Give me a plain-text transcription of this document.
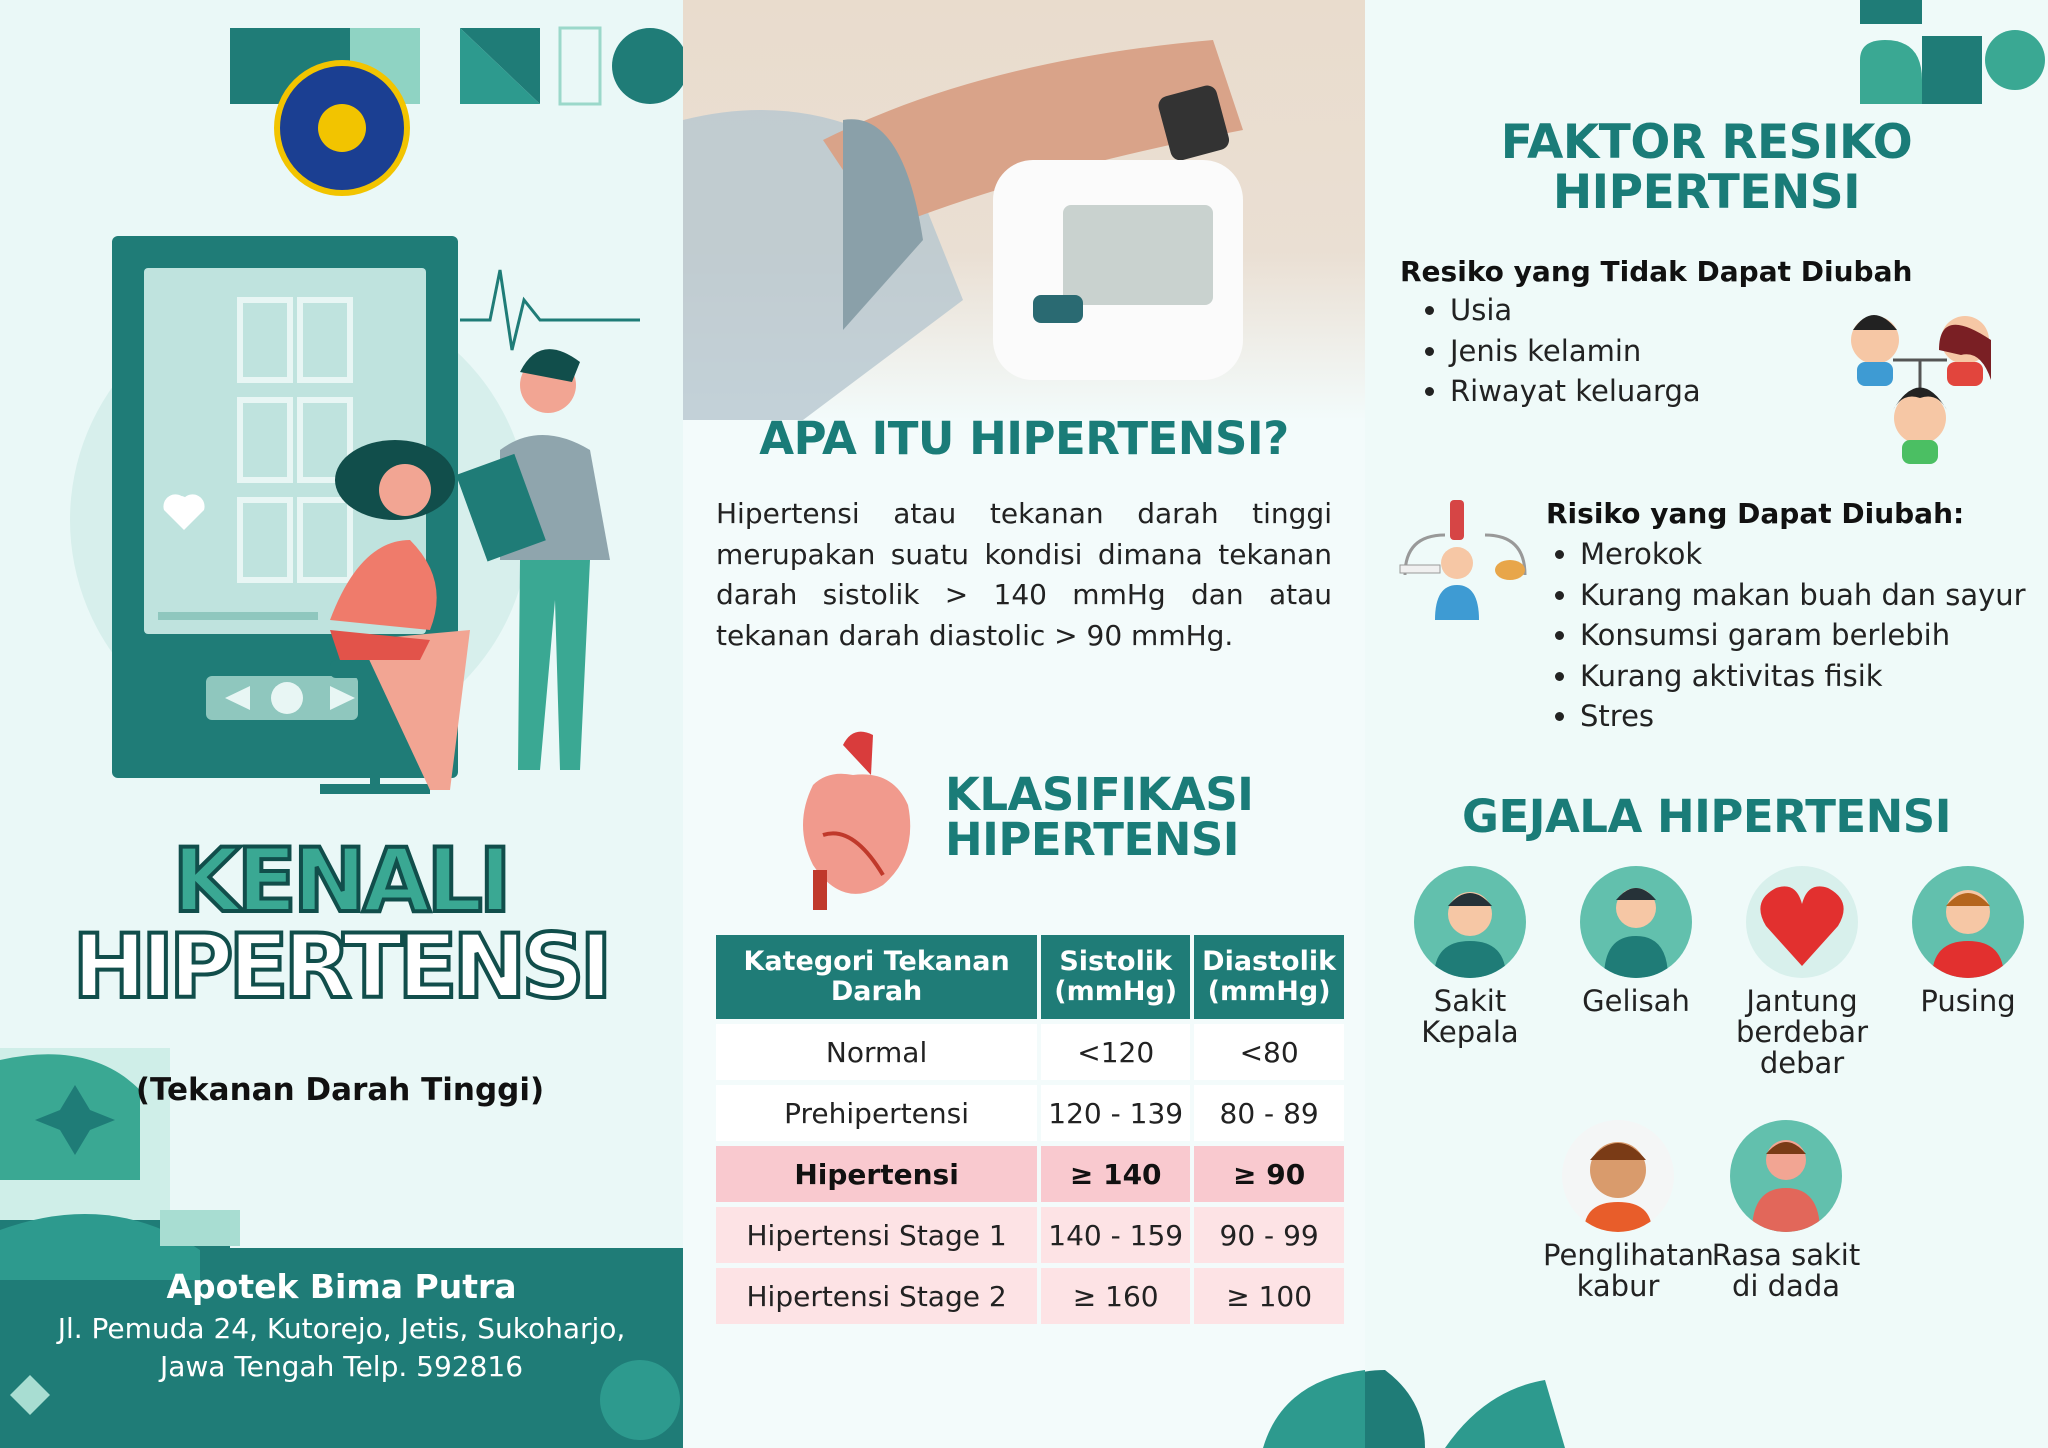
KENALI
HIPERTENSI
(Tekanan Darah Tinggi)
Apotek Bima Putra
Jl. Pemuda 24, Kutorejo, Jetis, Sukoharjo,
Jawa Tengah Telp. 592816
APA ITU HIPERTENSI?
Hipertensi atau tekanan darah tinggi merupakan suatu kondisi dimana tekanan darah sistolik > 140 mmHg dan atau tekanan darah diastolic > 90 mmHg.
KLASIFIKASI
HIPERTENSI
Kategori Tekanan Darah	Sistolik (mmHg)	Diastolik (mmHg)
Normal	<120	<80
Prehipertensi	120 - 139	80 - 89
Hipertensi	≥ 140	≥ 90
Hipertensi Stage 1	140 - 159	90 - 99
Hipertensi Stage 2	≥ 160	≥ 100
FAKTOR RESIKO
HIPERTENSI
Resiko yang Tidak Dapat Diubah
• Usia
• Jenis kelamin
• Riwayat keluarga
Risiko yang Dapat Diubah:
• Merokok
• Kurang makan buah dan sayur
• Konsumsi garam berlebih
• Kurang aktivitas fisik
• Stres
GEJALA HIPERTENSI
Sakit Kepala
Gelisah	Jantung berdebar debar
Pusing
Penglihatan kabur
Rasa sakit di dada
